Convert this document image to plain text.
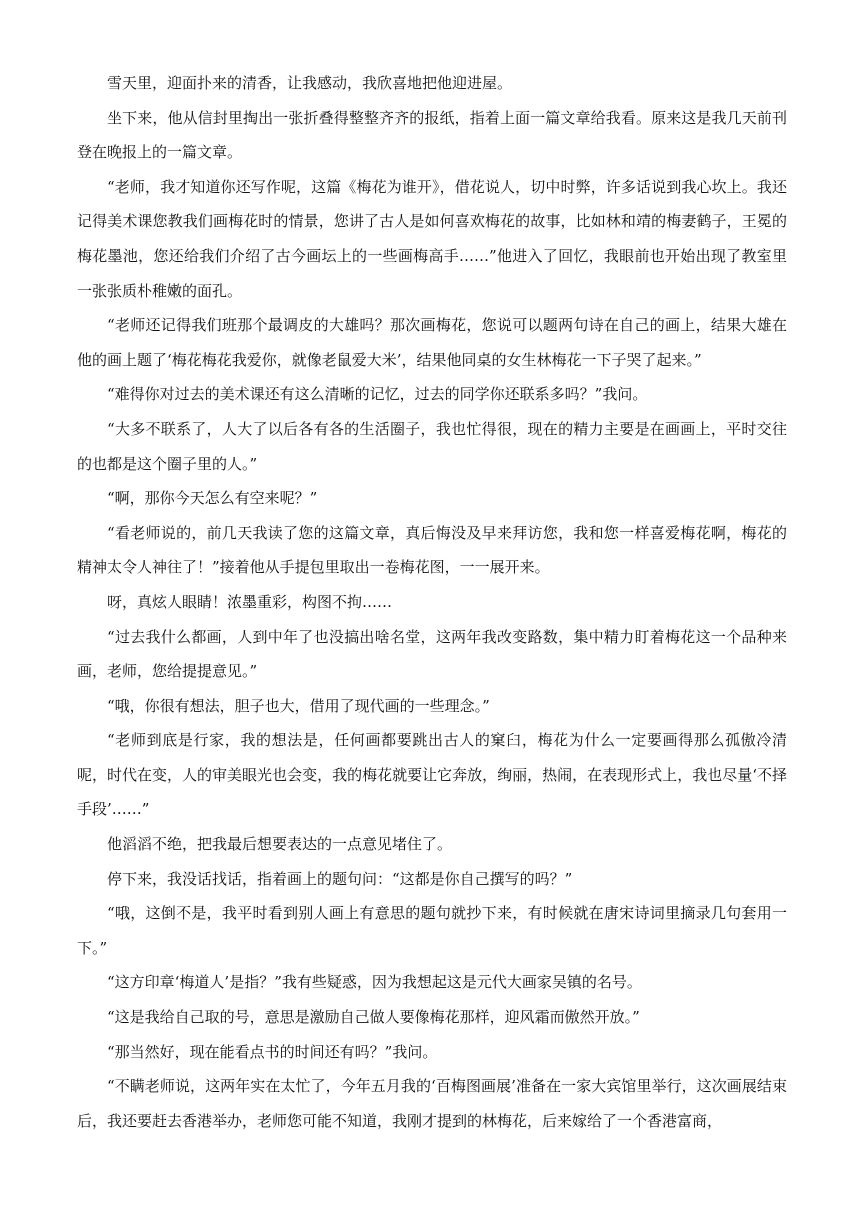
雪天里，迎面扑来的清香，让我感动，我欣喜地把他迎进屋。

坐下来，他从信封里掏出一张折叠得整整齐齐的报纸，指着上面一篇文章给我看。原来这是我几天前刊登在晚报上的一篇文章。

“老师，我才知道你还写作呢，这篇《梅花为谁开》，借花说人，切中时弊，许多话说到我心坎上。我还记得美术课您教我们画梅花时的情景，您讲了古人是如何喜欢梅花的故事，比如林和靖的梅妻鹤子，王冕的梅花墨池，您还给我们介绍了古今画坛上的一些画梅高手……”他进入了回忆，我眼前也开始出现了教室里一张张质朴稚嫩的面孔。

“老师还记得我们班那个最调皮的大雄吗？那次画梅花，您说可以题两句诗在自己的画上，结果大雄在他的画上题了‘梅花梅花我爱你，就像老鼠爱大米’，结果他同桌的女生林梅花一下子哭了起来。”

“难得你对过去的美术课还有这么清晰的记忆，过去的同学你还联系多吗？”我问。

“大多不联系了，人大了以后各有各的生活圈子，我也忙得很，现在的精力主要是在画画上，平时交往的也都是这个圈子里的人。”

“啊，那你今天怎么有空来呢？”

“看老师说的，前几天我读了您的这篇文章，真后悔没及早来拜访您，我和您一样喜爱梅花啊，梅花的精神太令人神往了！”接着他从手提包里取出一卷梅花图，一一展开来。

呀，真炫人眼睛！浓墨重彩，构图不拘……

“过去我什么都画，人到中年了也没搞出啥名堂，这两年我改变路数，集中精力盯着梅花这一个品种来画，老师，您给提提意见。”

“哦，你很有想法，胆子也大，借用了现代画的一些理念。”

“老师到底是行家，我的想法是，任何画都要跳出古人的窠臼，梅花为什么一定要画得那么孤傲冷清呢，时代在变，人的审美眼光也会变，我的梅花就要让它奔放，绚丽，热闹，在表现形式上，我也尽量‘不择手段’……”

他滔滔不绝，把我最后想要表达的一点意见堵住了。

停下来，我没话找话，指着画上的题句问：“这都是你自己撰写的吗？”

“哦，这倒不是，我平时看到别人画上有意思的题句就抄下来，有时候就在唐宋诗词里摘录几句套用一下。”

“这方印章‘梅道人’是指？”我有些疑惑，因为我想起这是元代大画家吴镇的名号。

“这是我给自己取的号，意思是激励自己做人要像梅花那样，迎风霜而傲然开放。”

“那当然好，现在能看点书的时间还有吗？”我问。

“不瞒老师说，这两年实在太忙了，今年五月我的‘百梅图画展’准备在一家大宾馆里举行，这次画展结束后，我还要赶去香港举办，老师您可能不知道，我刚才提到的林梅花，后来嫁给了一个香港富商，
